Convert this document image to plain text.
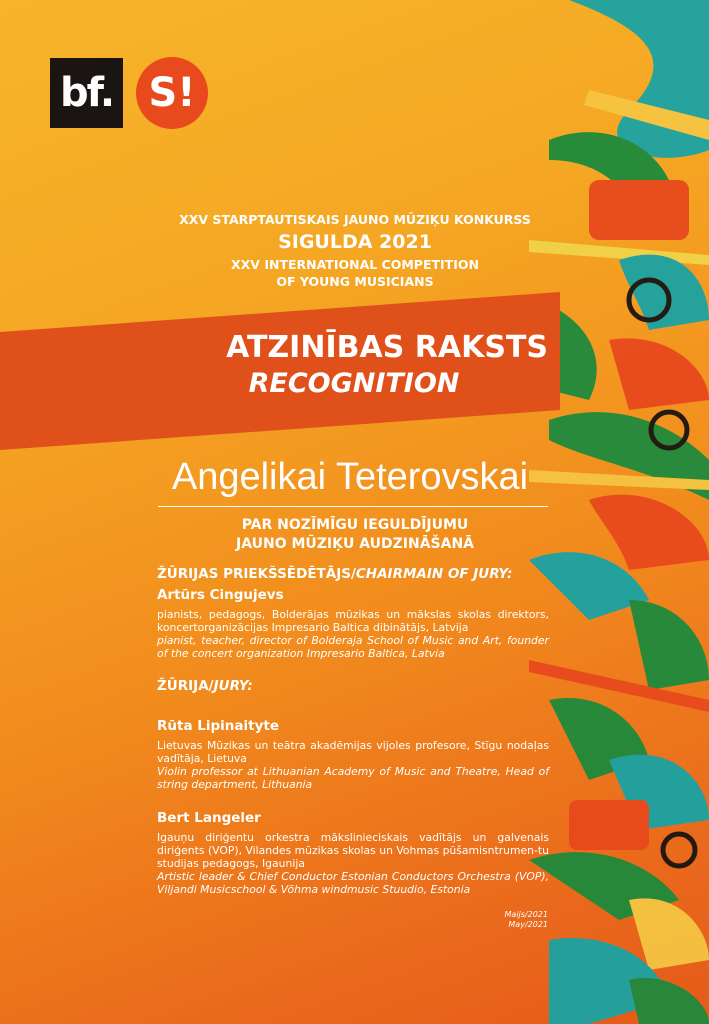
bf. S!
XXV STARPTAUTISKAIS JAUNO MŪZIĶU KONKURSS
SIGULDA 2021
XXV INTERNATIONAL COMPETITION
OF YOUNG MUSICIANS
ATZINĪBAS RAKSTS
RECOGNITION
Angelikai Teterovskai
PAR NOZĪMĪGU IEGULDĪJUMU
JAUNO MŪZIĶU AUDZINĀŠANĀ
ŽŪRIJAS PRIEKŠSĒDĒTĀJS/CHAIRMAIN OF JURY:
Artūrs Cingujevs
pianists, pedagogs, Bolderājas mūzikas un mākslas skolas direktors, koncertorganizācijas Impresario Baltica dibinātājs, Latvija
pianist, teacher, director of Bolderaja School of Music and Art, founder of the concert organization Impresario Baltica, Latvia
ŽŪRIJA/JURY:
Rūta Lipinaityte
Lietuvas Mūzikas un teātra akadēmijas vijoles profesore, Stīgu nodaļas vadītāja, Lietuva
Violin professor at Lithuanian Academy of Music and Theatre, Head of string department, Lithuania
Bert Langeler
Igauņu diriģentu orkestra mākslinieciskais vadītājs un galvenais diriģents (VOP), Vilandes mūzikas skolas un Vohmas pūšamisntrumen-tu studijas pedagogs, Igaunija
Artistic leader & Chief Conductor Estonian Conductors Orchestra (VOP), Viljandi Musicschool & Võhma windmusic Stuudio, Estonia
Maijs/2021
May/2021
